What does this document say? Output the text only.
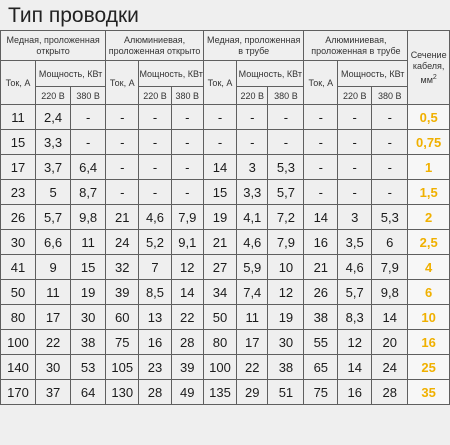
Тип проводки
Медная, проложенная открыто			Алюминиевая, проложенная открыто			Медная, проложенная в трубе			Алюминиевая, проложенная в трубе			Сечение кабеля, $мм^2$
Ток, А	Мощность, КВт		Ток, А	Мощность, КВт		Ток, А	Мощность, КВт		Ток, А	Мощность, КВт		
	220 В	380 В		220 В	380 В		220 В	380 В		220 В	380 В	
11	2,4	-	-	-	-	-	-	-	-	-	-	0,5
15	3,3	-	-	-	-	-	-	-	-	-	-	0,75
17	3,7	6,4	-	-	-	14	3	5,3	-	-	-	1
23	5	8,7	-	-	-	15	3,3	5,7	-	-	-	1,5
26	5,7	9,8	21	4,6	7,9	19	4,1	7,2	14	3	5,3	2
30	6,6	11	24	5,2	9,1	21	4,6	7,9	16	3,5	6	2,5
41	9	15	32	7	12	27	5,9	10	21	4,6	7,9	4
50	11	19	39	8,5	14	34	7,4	12	26	5,7	9,8	6
80	17	30	60	13	22	50	11	19	38	8,3	14	10
100	22	38	75	16	28	80	17	30	55	12	20	16
140	30	53	105	23	39	100	22	38	65	14	24	25
170	37	64	130	28	49	135	29	51	75	16	28	35
